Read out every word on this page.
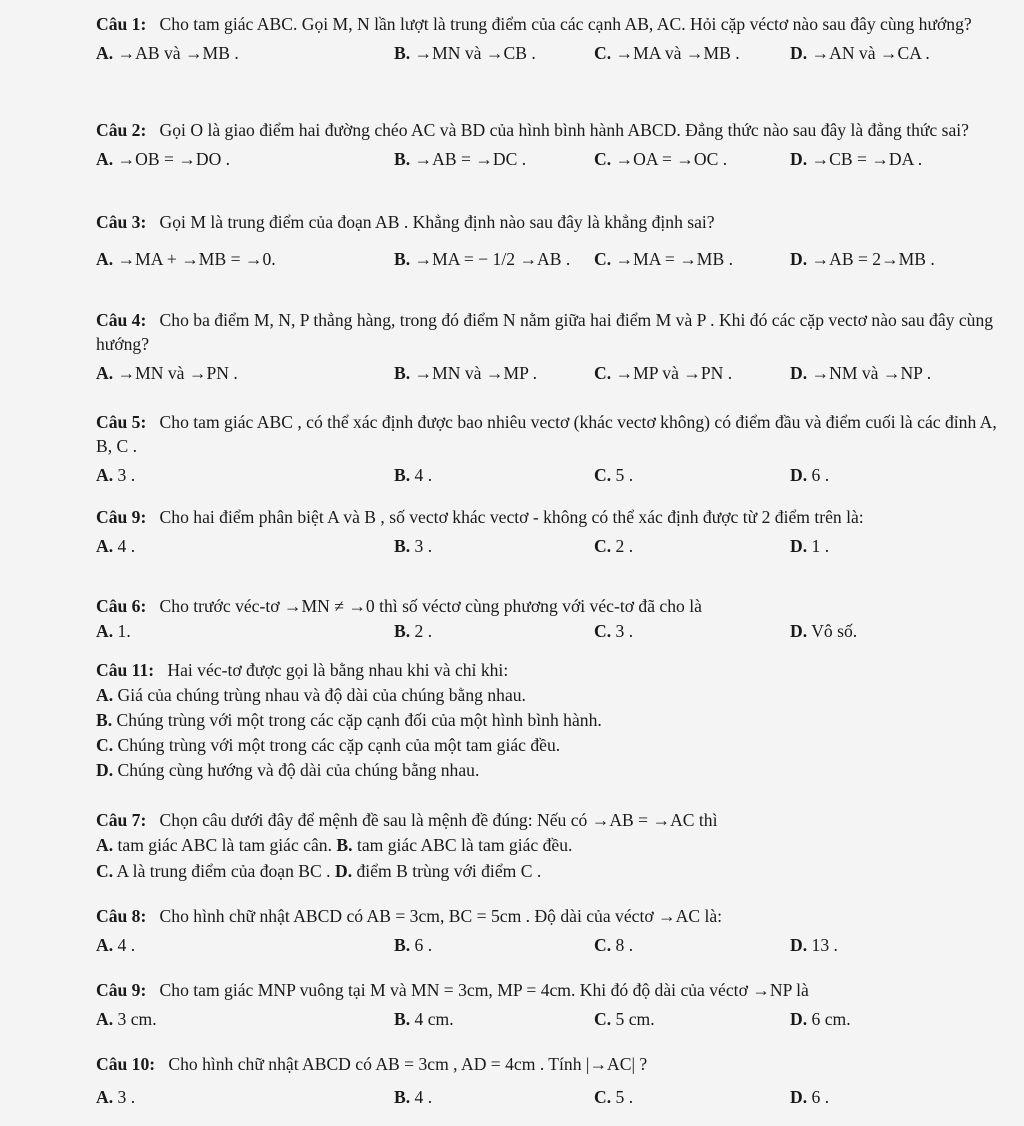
Câu 1: Cho tam giác ABC. Gọi M, N lần lượt là trung điểm của các cạnh AB, AC. Hỏi cặp véctơ nào sau đây cùng hướng?
A. →AB và →MB .	B. →MN và →CB .	C. →MA và →MB .	D. →AN và →CA .
Câu 2: Gọi O là giao điểm hai đường chéo AC và BD của hình bình hành ABCD. Đẳng thức nào sau đây là đẳng thức sai?
A. →OB = →DO .	B. →AB = →DC .	C. →OA = →OC .	D. →CB = →DA .
Câu 3: Gọi M là trung điểm của đoạn AB . Khẳng định nào sau đây là khẳng định sai?
A. →MA + →MB = →0.	B. →MA = − 1/2 →AB . C. →MA = →MB .	D. →AB = 2→MB .
Câu 4: Cho ba điểm M, N, P thẳng hàng, trong đó điểm N nằm giữa hai điểm M và P . Khi đó các cặp vectơ nào sau đây cùng hướng?
A. →MN và →PN .	B. →MN và →MP .	C. →MP và →PN .	D. →NM và →NP .
Câu 5: Cho tam giác ABC , có thể xác định được bao nhiêu vectơ (khác vectơ không) có điểm đầu và điểm cuối là các đỉnh A, B, C .
A. 3 .	B. 4 .	C. 5 .	D. 6 .
Câu 9: Cho hai điểm phân biệt A và B , số vectơ khác vectơ - không có thể xác định được từ 2 điểm trên là:
A. 4 .	B. 3 .	C. 2 .	D. 1 .
Câu 6: Cho trước véc-tơ →MN ≠ →0 thì số véctơ cùng phương với véc-tơ đã cho là
A. 1.	B. 2 .	C. 3 .	D. Vô số.
Câu 11: Hai véc-tơ được gọi là bằng nhau khi và chỉ khi:
A. Giá của chúng trùng nhau và độ dài của chúng bằng nhau.
B. Chúng trùng với một trong các cặp cạnh đối của một hình bình hành.
C. Chúng trùng với một trong các cặp cạnh của một tam giác đều.
D. Chúng cùng hướng và độ dài của chúng bằng nhau.
Câu 7: Chọn câu dưới đây để mệnh đề sau là mệnh đề đúng: Nếu có →AB = →AC thì
A. tam giác ABC là tam giác cân. B. tam giác ABC là tam giác đều.
C. A là trung điểm của đoạn BC . D. điểm B trùng với điểm C .
Câu 8: Cho hình chữ nhật ABCD có AB = 3cm, BC = 5cm . Độ dài của véctơ →AC là:
A. 4 .	B. 6 .	C. 8 .	D. 13 .
Câu 9: Cho tam giác MNP vuông tại M và MN = 3cm, MP = 4cm. Khi đó độ dài của véctơ →NP là
A. 3 cm.	B. 4 cm.	C. 5 cm.	D. 6 cm.
Câu 10: Cho hình chữ nhật ABCD có AB = 3cm , AD = 4cm . Tính |→AC| ?
A. 3 .	B. 4 .	C. 5 .	D. 6 .
